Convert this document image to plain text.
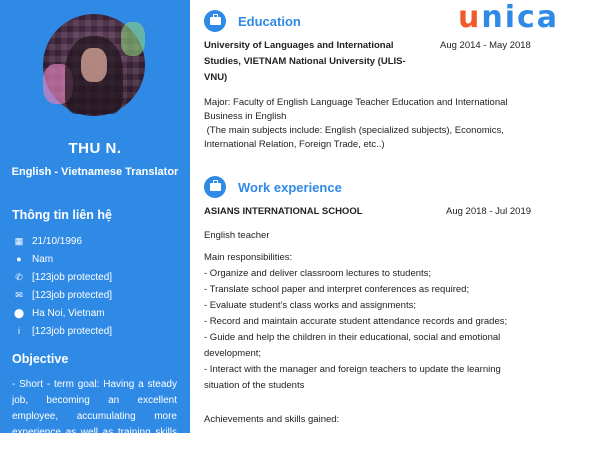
THU N.
English - Vietnamese Translator
Thông tin liên hệ
▦ 21/10/1996
●	Nam
✆ [123job protected]
✉ [123job protected]
⬤ Ha Noi, Vietnam
i	[123job protected]
Objective
- Short - term goal: Having a steady job, becoming an excellent employee, accumulating more experience as well as training skills to develop.
unica
Education
University of Languages and International
Studies, VIETNAM National University (ULIS-
VNU)
Aug 2014 - May 2018
Major: Faculty of English Language Teacher Education and International
Business in English
(The main subjects include: English (specialized subjects), Economics,
International Relation, Foreign Trade, etc..)
Work experience
ASIANS INTERNATIONAL SCHOOL	Aug 2018 - Jul 2019
English teacher
Main responsibilities:
- Organize and deliver classroom lectures to students;
- Translate school paper and interpret conferences as required;
- Evaluate student's class works and assignments;
- Record and maintain accurate student attendance records and grades;
- Guide and help the children in their educational, social and emotional
development;
- Interact with the manager and foreign teachers to update the learning
situation of the students
Achievements and skills gained:
